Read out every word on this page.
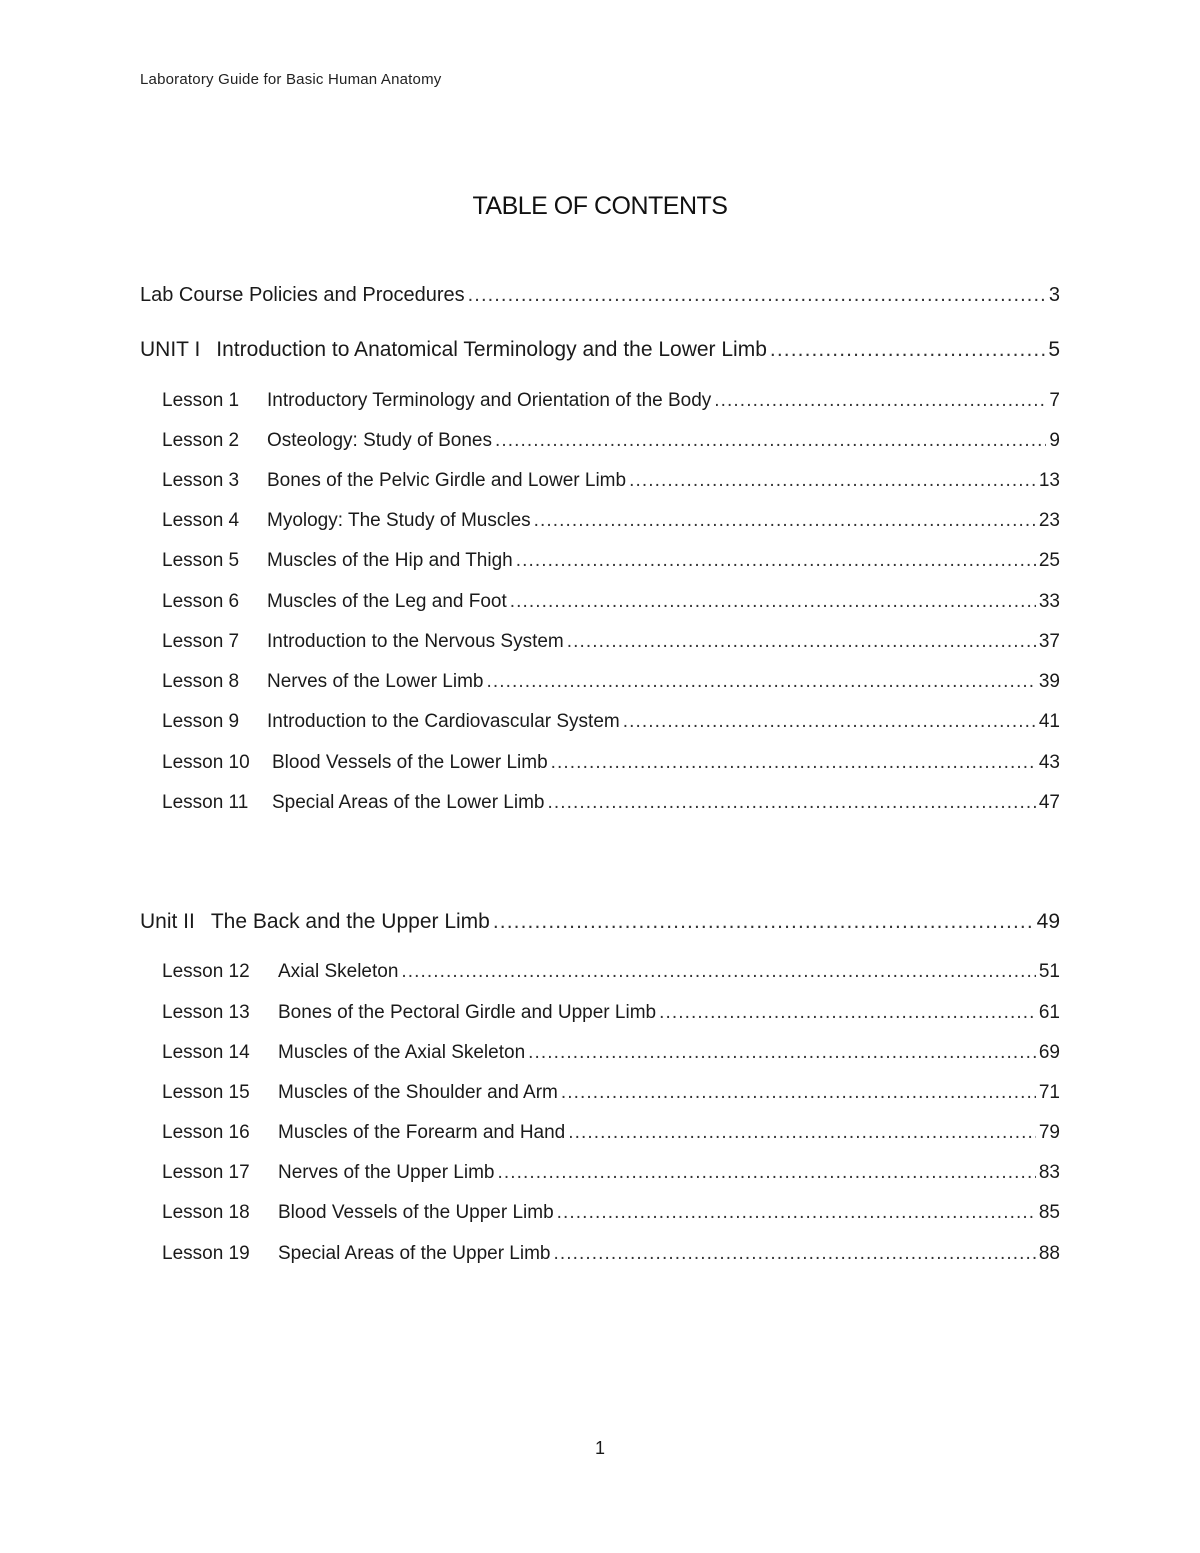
Laboratory Guide for Basic Human Anatomy
TABLE OF CONTENTS
Lab Course Policies and Procedures .....	3
UNIT I Introduction to Anatomical Terminology and the Lower Limb .....	5
Lesson 1 Introductory Terminology and Orientation of the Body .....	7
Lesson 2 Osteology: Study of Bones .....	9
Lesson 3 Bones of the Pelvic Girdle and Lower Limb .....	13
Lesson 4 Myology: The Study of Muscles .....	23
Lesson 5 Muscles of the Hip and Thigh .....	25
Lesson 6 Muscles of the Leg and Foot .....	33
Lesson 7 Introduction to the Nervous System .....	37
Lesson 8 Nerves of the Lower Limb .....	39
Lesson 9 Introduction to the Cardiovascular System .....	41
Lesson 10 Blood Vessels of the Lower Limb .....	43
Lesson 11 Special Areas of the Lower Limb .....	47
Unit II The Back and the Upper Limb .....	49
Lesson 12 Axial Skeleton .....	51
Lesson 13 Bones of the Pectoral Girdle and Upper Limb .....	61
Lesson 14 Muscles of the Axial Skeleton .....	69
Lesson 15 Muscles of the Shoulder and Arm .....	71
Lesson 16 Muscles of the Forearm and Hand .....	79
Lesson 17 Nerves of the Upper Limb .....	83
Lesson 18 Blood Vessels of the Upper Limb .....	85
Lesson 19 Special Areas of the Upper Limb .....	88
1
